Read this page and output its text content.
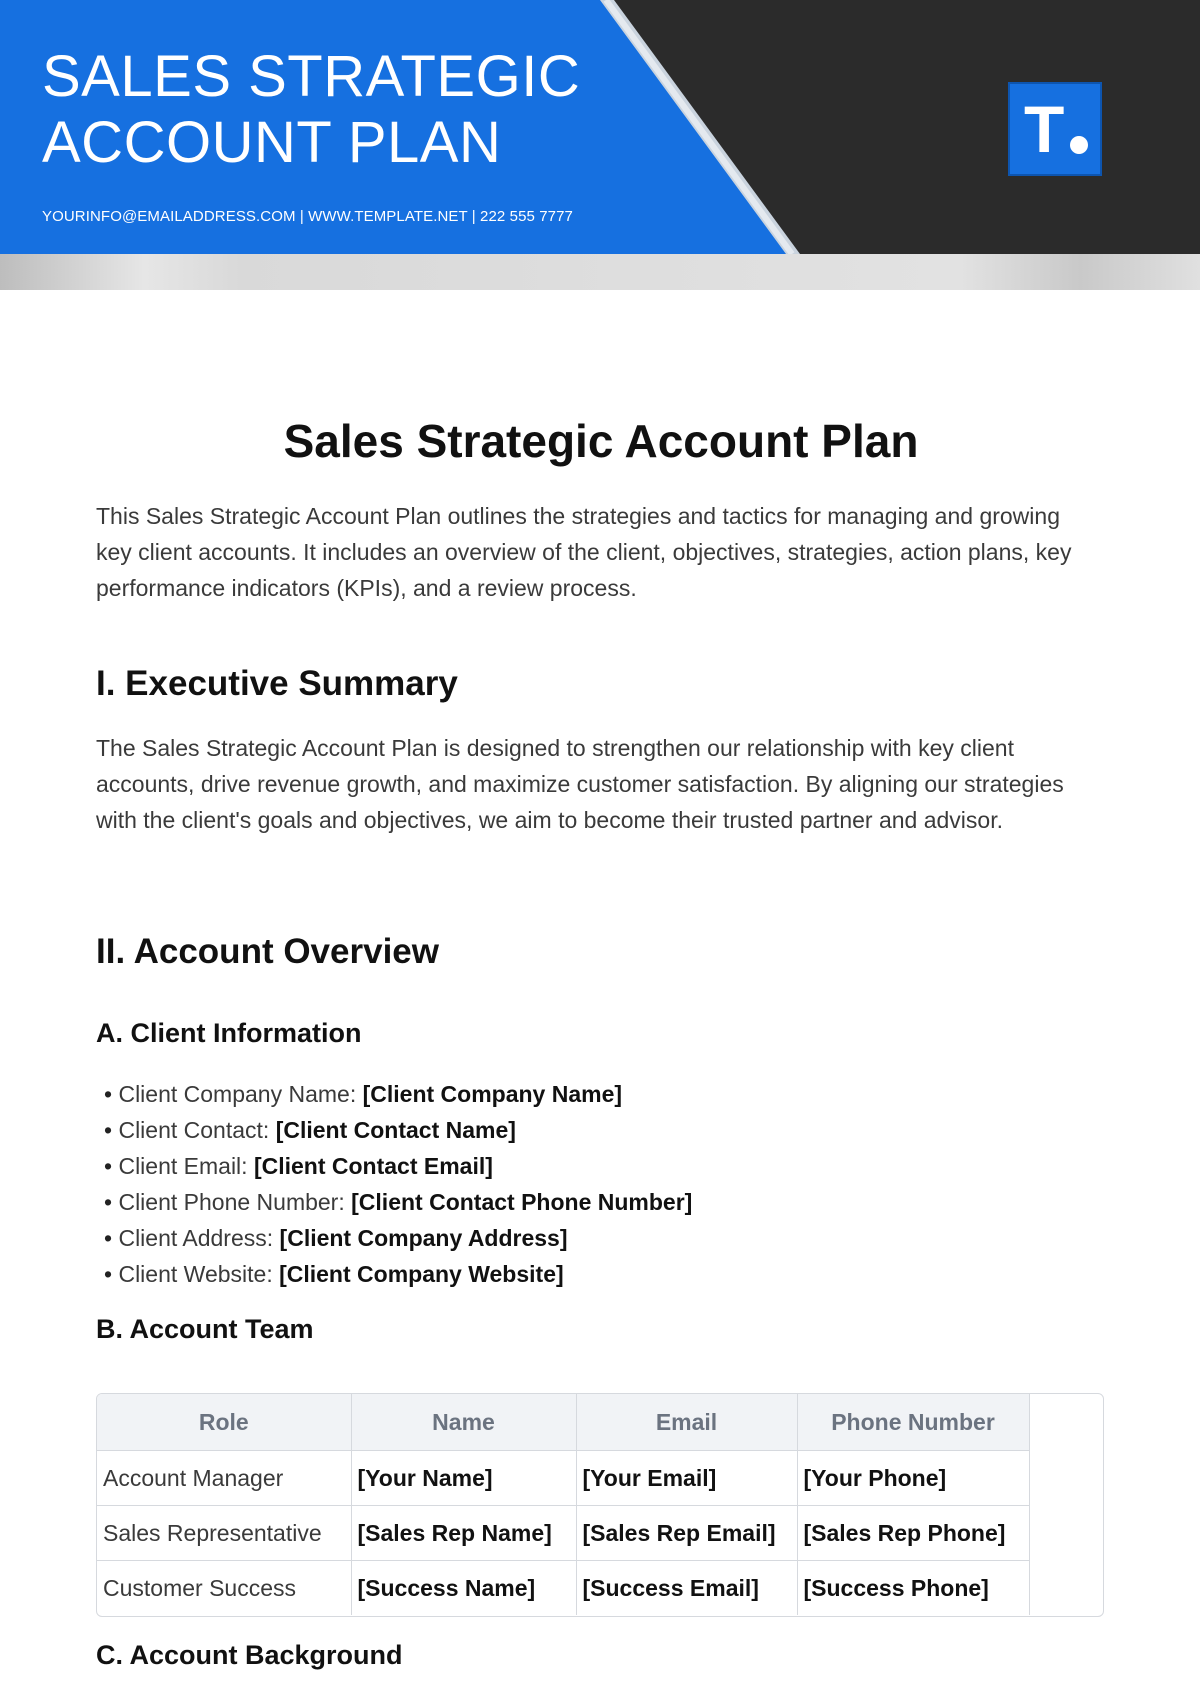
SALES STRATEGIC
ACCOUNT PLAN
YOURINFO@EMAILADDRESS.COM | WWW.TEMPLATE.NET | 222 555 7777
T
Sales Strategic Account Plan

This Sales Strategic Account Plan outlines the strategies and tactics for managing and growing key client accounts. It includes an overview of the client, objectives, strategies, action plans, key performance indicators (KPIs), and a review process.

I. Executive Summary

The Sales Strategic Account Plan is designed to strengthen our relationship with key client accounts, drive revenue growth, and maximize customer satisfaction. By aligning our strategies with the client's goals and objectives, we aim to become their trusted partner and advisor.

II. Account Overview
A. Client Information
• Client Company Name: [Client Company Name]
• Client Contact: [Client Contact Name]
• Client Email: [Client Contact Email]
• Client Phone Number: [Client Contact Phone Number]
• Client Address: [Client Company Address]
• Client Website: [Client Company Website]
B. Account Team
Role	Name	Email	Phone Number
Account Manager	[Your Name]	[Your Email]	[Your Phone]
Sales Representative	[Sales Rep Name]	[Sales Rep Email]	[Sales Rep Phone]
Customer Success	[Success Name]	[Success Email]	[Success Phone]
C. Account Background
